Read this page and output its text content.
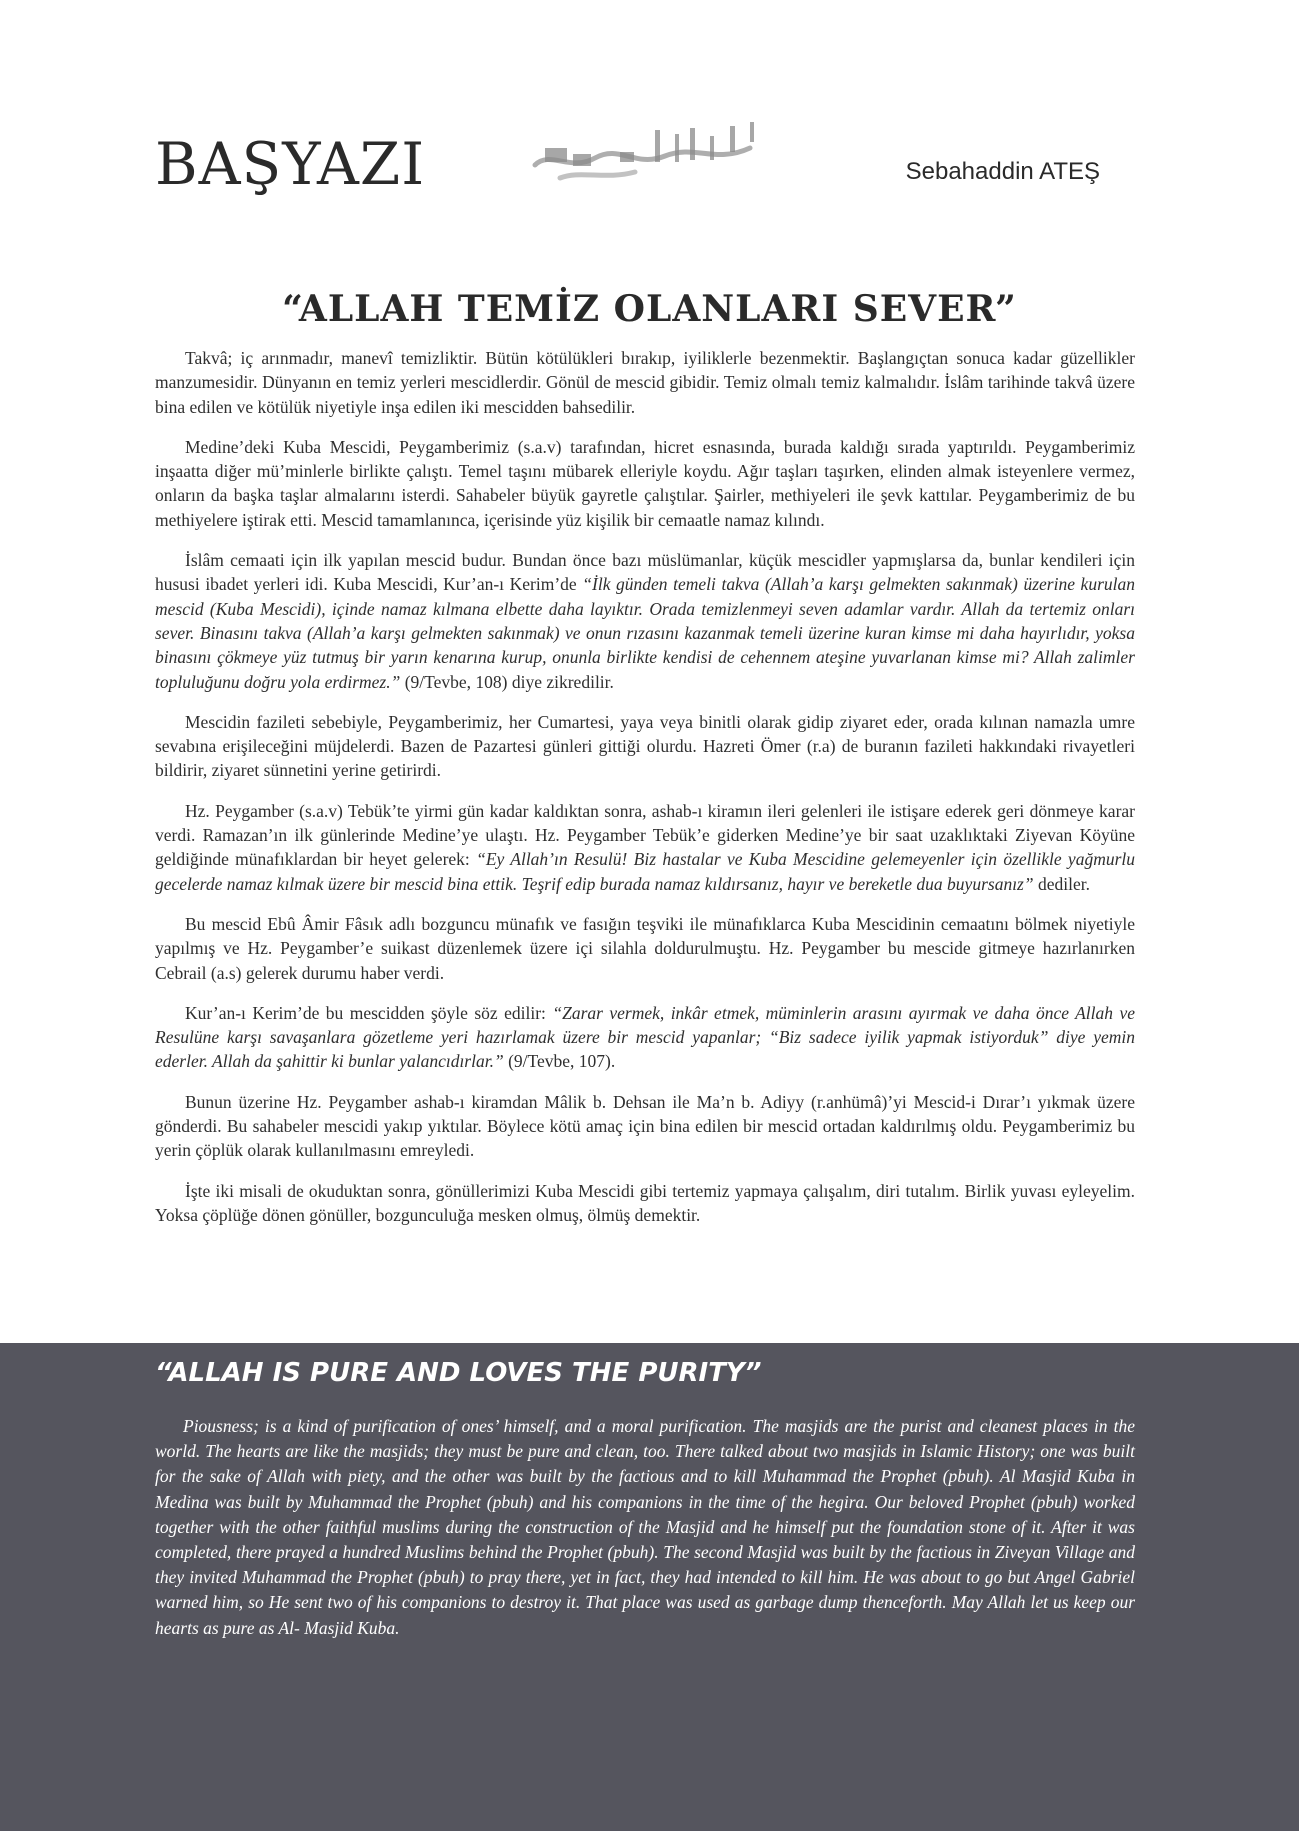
BAŞYAZI	Sebahaddin ATEŞ
“ALLAH TEMİZ OLANLARI SEVER”

Takvâ; iç arınmadır, manevî temizliktir. Bütün kötülükleri bırakıp, iyiliklerle bezenmektir. Başlangıçtan sonuca kadar güzellikler manzumesidir. Dünyanın en temiz yerleri mescidlerdir. Gönül de mescid gibidir. Temiz olmalı temiz kalmalıdır. İslâm tarihinde takvâ üzere bina edilen ve kötülük niyetiyle inşa edilen iki mescidden bahsedilir.

Medine’deki Kuba Mescidi, Peygamberimiz (s.a.v) tarafından, hicret esnasında, burada kaldığı sırada yaptırıldı. Peygamberimiz inşaatta diğer mü’minlerle birlikte çalıştı. Temel taşını mübarek elleriyle koydu. Ağır taşları taşırken, elinden almak isteyenlere vermez, onların da başka taşlar almalarını isterdi. Sahabeler büyük gayretle çalıştılar. Şairler, methiyeleri ile şevk kattılar. Peygamberimiz de bu methiyelere iştirak etti. Mescid tamamlanınca, içerisinde yüz kişilik bir cemaatle namaz kılındı.

İslâm cemaati için ilk yapılan mescid budur. Bundan önce bazı müslümanlar, küçük mescidler yapmışlarsa da, bunlar kendileri için hususi ibadet yerleri idi. Kuba Mescidi, Kur’an-ı Kerim’de “İlk günden temeli takva (Allah’a karşı gelmekten sakınmak) üzerine kurulan mescid (Kuba Mescidi), içinde namaz kılmana elbette daha layıktır. Orada temizlenmeyi seven adamlar vardır. Allah da tertemiz onları sever. Binasını takva (Allah’a karşı gelmekten sakınmak) ve onun rızasını kazanmak temeli üzerine kuran kimse mi daha hayırlıdır, yoksa binasını çökmeye yüz tutmuş bir yarın kenarına kurup, onunla birlikte kendisi de cehennem ateşine yuvarlanan kimse mi? Allah zalimler topluluğunu doğru yola erdirmez.” (9/Tevbe, 108) diye zikredilir.

Mescidin fazileti sebebiyle, Peygamberimiz, her Cumartesi, yaya veya binitli olarak gidip ziyaret eder, orada kılınan namazla umre sevabına erişileceğini müjdelerdi. Bazen de Pazartesi günleri gittiği olurdu. Hazreti Ömer (r.a) de buranın fazileti hakkındaki rivayetleri bildirir, ziyaret sünnetini yerine getirirdi.

Hz. Peygamber (s.a.v) Tebük’te yirmi gün kadar kaldıktan sonra, ashab-ı kiramın ileri gelenleri ile istişare ederek geri dönmeye karar verdi. Ramazan’ın ilk günlerinde Medine’ye ulaştı. Hz. Peygamber Tebük’e giderken Medine’ye bir saat uzaklıktaki Ziyevan Köyüne geldiğinde münafıklardan bir heyet gelerek: “Ey Allah’ın Resulü! Biz hastalar ve Kuba Mescidine gelemeyenler için özellikle yağmurlu gecelerde namaz kılmak üzere bir mescid bina ettik. Teşrif edip burada namaz kıldırsanız, hayır ve bereketle dua buyursanız” dediler.

Bu mescid Ebû Âmir Fâsık adlı bozguncu münafık ve fasığın teşviki ile münafıklarca Kuba Mescidinin cemaatını bölmek niyetiyle yapılmış ve Hz. Peygamber’e suikast düzenlemek üzere içi silahla doldurulmuştu. Hz. Peygamber bu mescide gitmeye hazırlanırken Cebrail (a.s) gelerek durumu haber verdi.

Kur’an-ı Kerim’de bu mescidden şöyle söz edilir: “Zarar vermek, inkâr etmek, müminlerin arasını ayırmak ve daha önce Allah ve Resulüne karşı savaşanlara gözetleme yeri hazırlamak üzere bir mescid yapanlar; “Biz sadece iyilik yapmak istiyorduk” diye yemin ederler. Allah da şahittir ki bunlar yalancıdırlar.” (9/Tevbe, 107).

Bunun üzerine Hz. Peygamber ashab-ı kiramdan Mâlik b. Dehsan ile Ma’n b. Adiyy (r.anhümâ)’yi Mescid-i Dırar’ı yıkmak üzere gönderdi. Bu sahabeler mescidi yakıp yıktılar. Böylece kötü amaç için bina edilen bir mescid ortadan kaldırılmış oldu. Peygamberimiz bu yerin çöplük olarak kullanılmasını emreyledi.

İşte iki misali de okuduktan sonra, gönüllerimizi Kuba Mescidi gibi tertemiz yapmaya çalışalım, diri tutalım. Birlik yuvası eyleyelim. Yoksa çöplüğe dönen gönüller, bozgunculuğa mesken olmuş, ölmüş demektir.

“ALLAH IS PURE AND LOVES THE PURITY”

Piousness; is a kind of purification of ones’ himself, and a moral purification. The masjids are the purist and cleanest places in the world. The hearts are like the masjids; they must be pure and clean, too. There talked about two masjids in Islamic History; one was built for the sake of Allah with piety, and the other was built by the factious and to kill Muhammad the Prophet (pbuh). Al Masjid Kuba in Medina was built by Muhammad the Prophet (pbuh) and his companions in the time of the hegira. Our beloved Prophet (pbuh) worked together with the other faithful muslims during the construction of the Masjid and he himself put the foundation stone of it. After it was completed, there prayed a hundred Muslims behind the Prophet (pbuh). The second Masjid was built by the factious in Ziveyan Village and they invited Muhammad the Prophet (pbuh) to pray there, yet in fact, they had intended to kill him. He was about to go but Angel Gabriel warned him, so He sent two of his companions to destroy it. That place was used as garbage dump thenceforth. May Allah let us keep our hearts as pure as Al- Masjid Kuba.
